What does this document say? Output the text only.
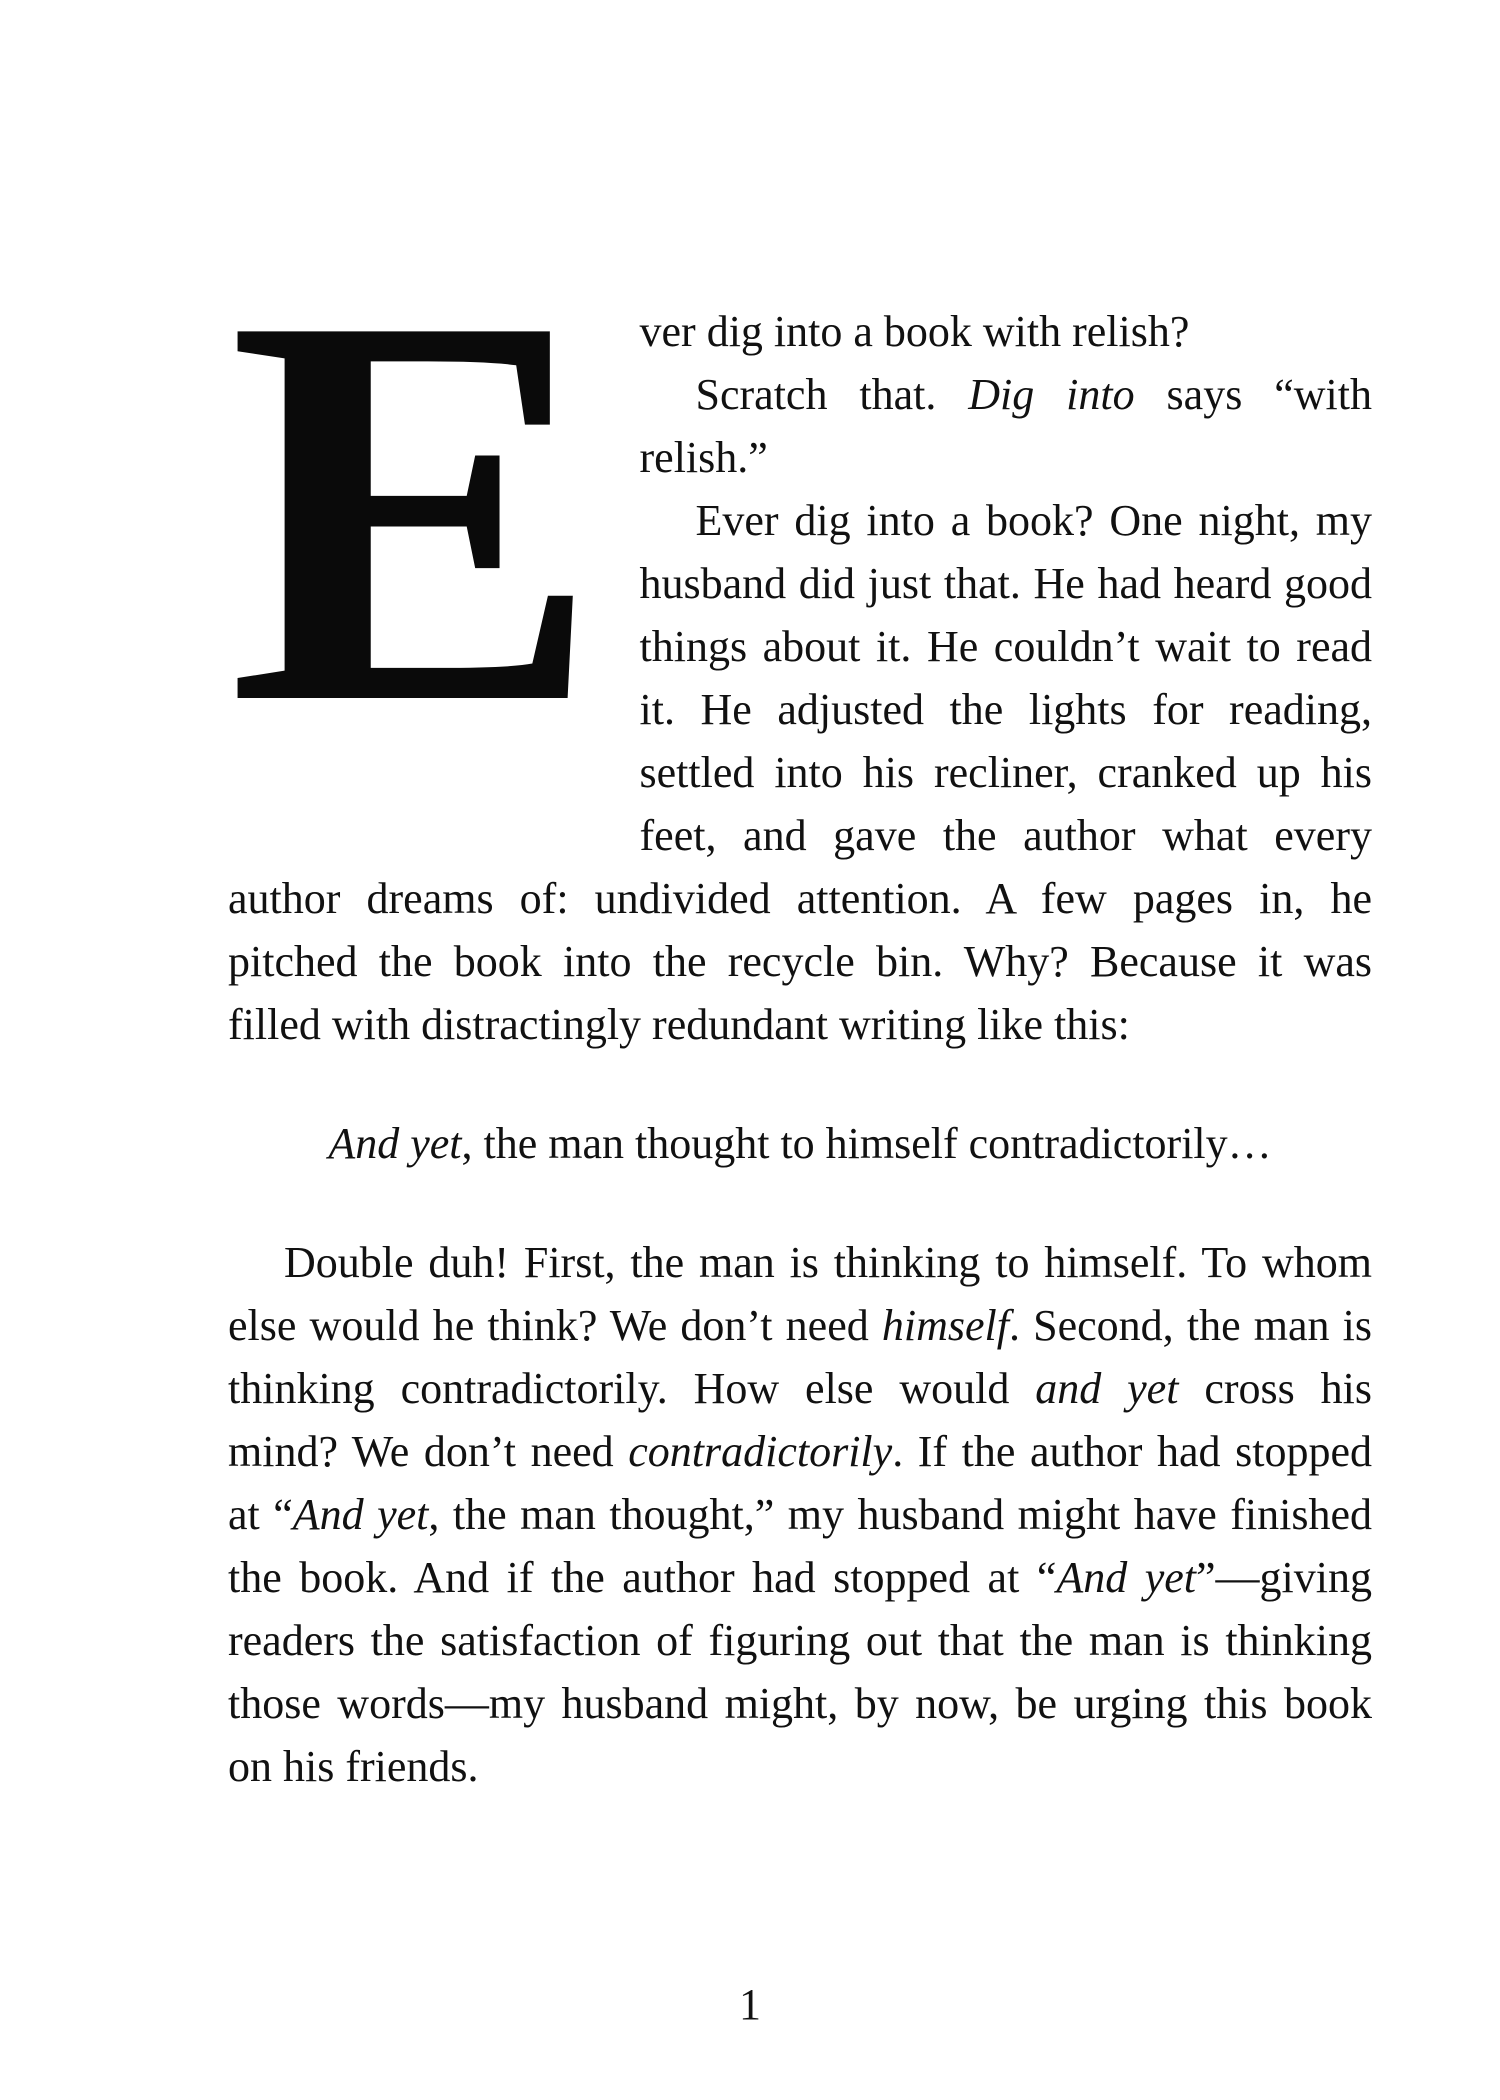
E ver dig into a book with relish?

Scratch that. Dig into says “with relish.”

Ever dig into a book? One night, my husband did just that. He had heard good things about it. He couldn’t wait to read it. He adjusted the lights for reading, settled into his recliner, cranked up his feet, and gave the author what every author dreams of: undivided attention. A few pages in, he pitched the book into the recycle bin. Why? Because it was filled with distractingly redundant writing like this:

And yet, the man thought to himself contradictorily…

Double duh! First, the man is thinking to himself. To whom else would he think? We don’t need himself. Second, the man is thinking contradictorily. How else would and yet cross his mind? We don’t need contradictorily. If the author had stopped at “And yet, the man thought,” my husband might have finished the book. And if the author had stopped at “And yet”—giving readers the satisfaction of figuring out that the man is thinking those words—my husband might, by now, be urging this book on his friends.

1
